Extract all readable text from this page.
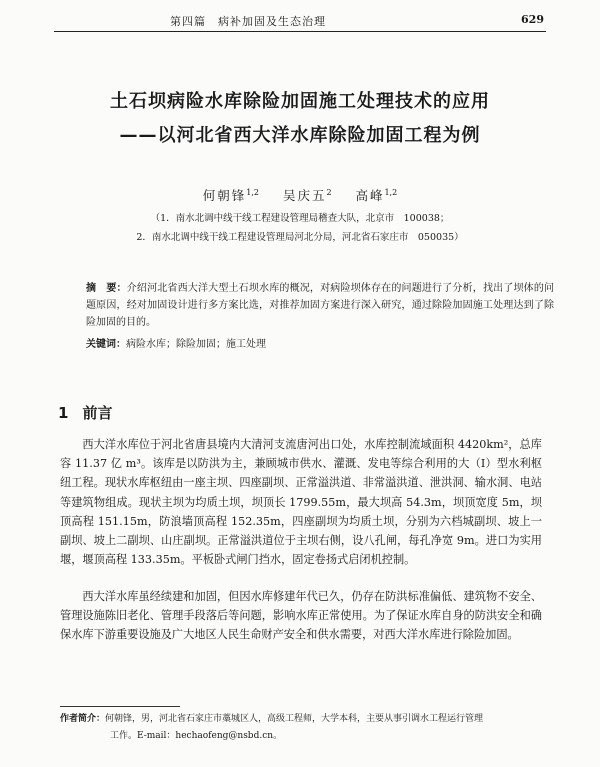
第四篇　病补加固及生态治理	629
土石坝病险水库除险加固施工处理技术的应用
——以河北省西大洋水库除险加固工程为例
何朝锋$^{1,2}$ 吴庆五$^2$ 高峰$^{1,2}$
（1．南水北调中线干线工程建设管理局稽查大队，北京市　100038；
2．南水北调中线干线工程建设管理局河北分局，河北省石家庄市　050035）
摘　要：介绍河北省西大洋大型土石坝水库的概况，对病险坝体存在的问题进行了分析，找出了坝体的问题原因，经对加固设计进行多方案比选，对推荐加固方案进行深入研究，通过除险加固施工处理达到了除险加固的目的。
关键词：病险水库；除险加固；施工处理
1 前言
西大洋水库位于河北省唐县境内大清河支流唐河出口处，水库控制流域面积 4420km²，总库容 11.37 亿 m³。该库是以防洪为主，兼顾城市供水、灌溉、发电等综合利用的大（Ⅰ）型水利枢纽工程。现状水库枢纽由一座主坝、四座副坝、正常溢洪道、非常溢洪道、泄洪洞、输水洞、电站等建筑物组成。现状主坝为均质土坝，坝顶长 1799.55m，最大坝高 54.3m，坝顶宽度 5m，坝顶高程 151.15m，防浪墙顶高程 152.35m，四座副坝为均质土坝，分别为六档城副坝、坡上一副坝、坡上二副坝、山庄副坝。正常溢洪道位于主坝右侧，设八孔闸，每孔净宽 9m。进口为实用堰，堰顶高程 133.35m。平板卧式闸门挡水，固定卷扬式启闭机控制。
西大洋水库虽经续建和加固，但因水库修建年代已久，仍存在防洪标准偏低、建筑物不安全、管理设施陈旧老化、管理手段落后等问题，影响水库正常使用。为了保证水库自身的防洪安全和确保水库下游重要设施及广大地区人民生命财产安全和供水需要，对西大洋水库进行除险加固。
作者简介：何朝锋，男，河北省石家庄市藁城区人，高级工程师，大学本科，主要从事引调水工程运行管理
工作。E-mail：hechaofeng@nsbd.cn。
